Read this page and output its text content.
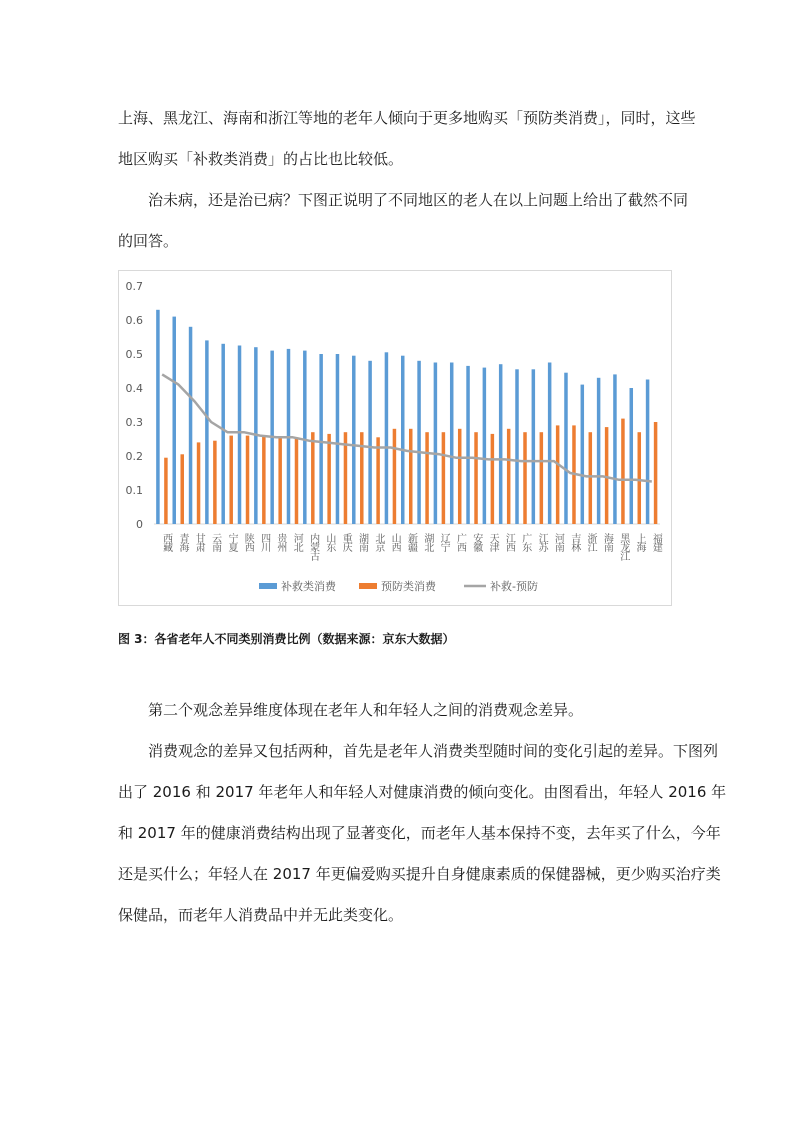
上海、黑龙江、海南和浙江等地的老年人倾向于更多地购买「预防类消费」，同时，这些

地区购买「补救类消费」的占比也比较低。

治未病，还是治已病？下图正说明了不同地区的老人在以上问题上给出了截然不同

的回答。

0
0.1
0.2
0.3
0.4
0.5
0.6
0.7
西藏 青海 甘肃 云南 宁夏 陕西 四川 贵州 河北 内蒙古 山东 重庆 湖南 北京 山西 新疆 湖北 辽宁 广西 安徽 天津 江西 广东 江苏 河南 吉林 浙江 海南 黑龙江 上海 福建
补救类消费	预防类消费	补救-预防

图 3：各省老年人不同类别消费比例（数据来源：京东大数据）

第二个观念差异维度体现在老年人和年轻人之间的消费观念差异。

消费观念的差异又包括两种，首先是老年人消费类型随时间的变化引起的差异。下图列

出了 2016 和 2017 年老年人和年轻人对健康消费的倾向变化。由图看出，年轻人 2016 年

和 2017 年的健康消费结构出现了显著变化，而老年人基本保持不变，去年买了什么，今年

还是买什么；年轻人在 2017 年更偏爱购买提升自身健康素质的保健器械，更少购买治疗类

保健品，而老年人消费品中并无此类变化。
